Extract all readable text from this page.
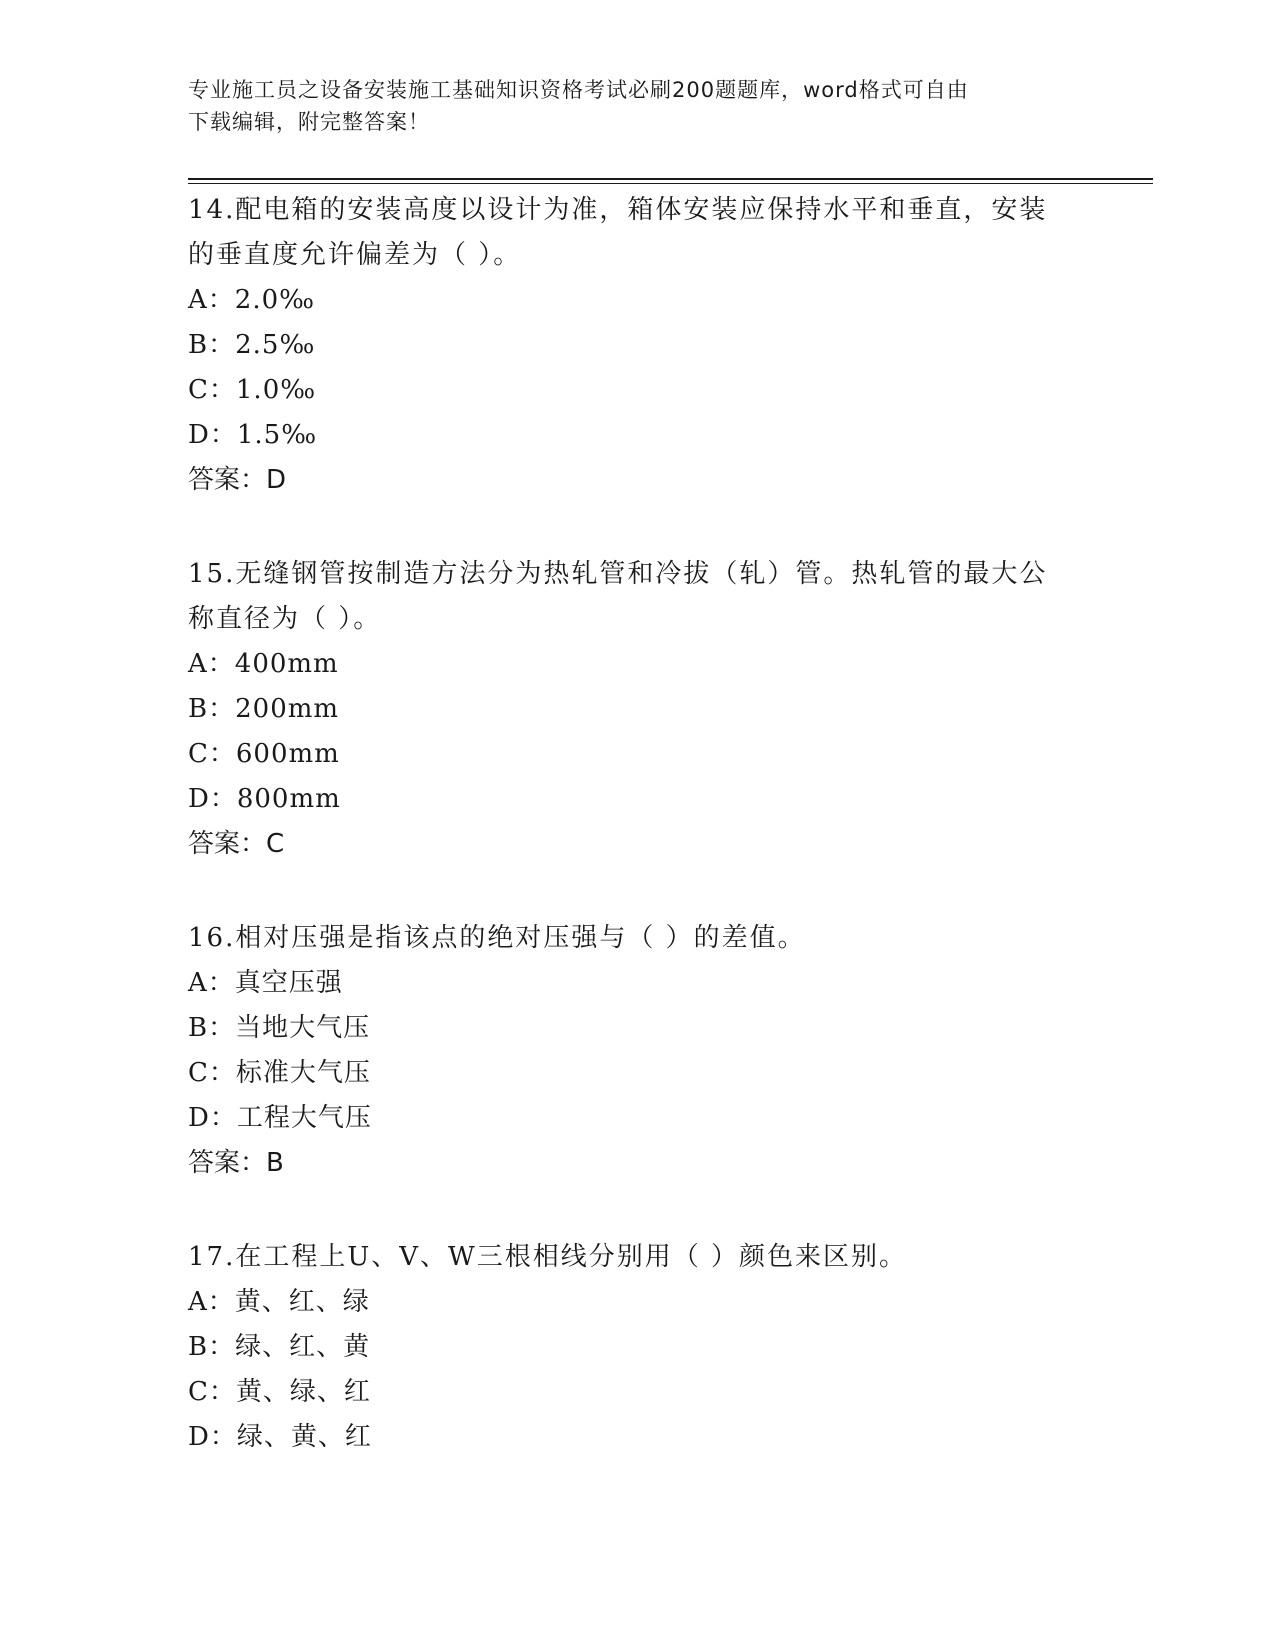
专业施工员之设备安装施工基础知识资格考试必刷200题题库，word格式可自由
下载编辑，附完整答案！
14.配电箱的安装高度以设计为准，箱体安装应保持水平和垂直，安装
的垂直度允许偏差为（ ）。
A：2.0‰
B：2.5‰
C：1.0‰
D：1.5‰
答案：D
15.无缝钢管按制造方法分为热轧管和冷拔（轧）管。热轧管的最大公
称直径为（ ）。
A：400mm
B：200mm
C：600mm
D：800mm
答案：C
16.相对压强是指该点的绝对压强与（ ）的差值。
A：真空压强
B：当地大气压
C：标准大气压
D：工程大气压
答案：B
17.在工程上U、V、W三根相线分别用（ ）颜色来区别。
A：黄、红、绿
B：绿、红、黄
C：黄、绿、红
D：绿、黄、红
